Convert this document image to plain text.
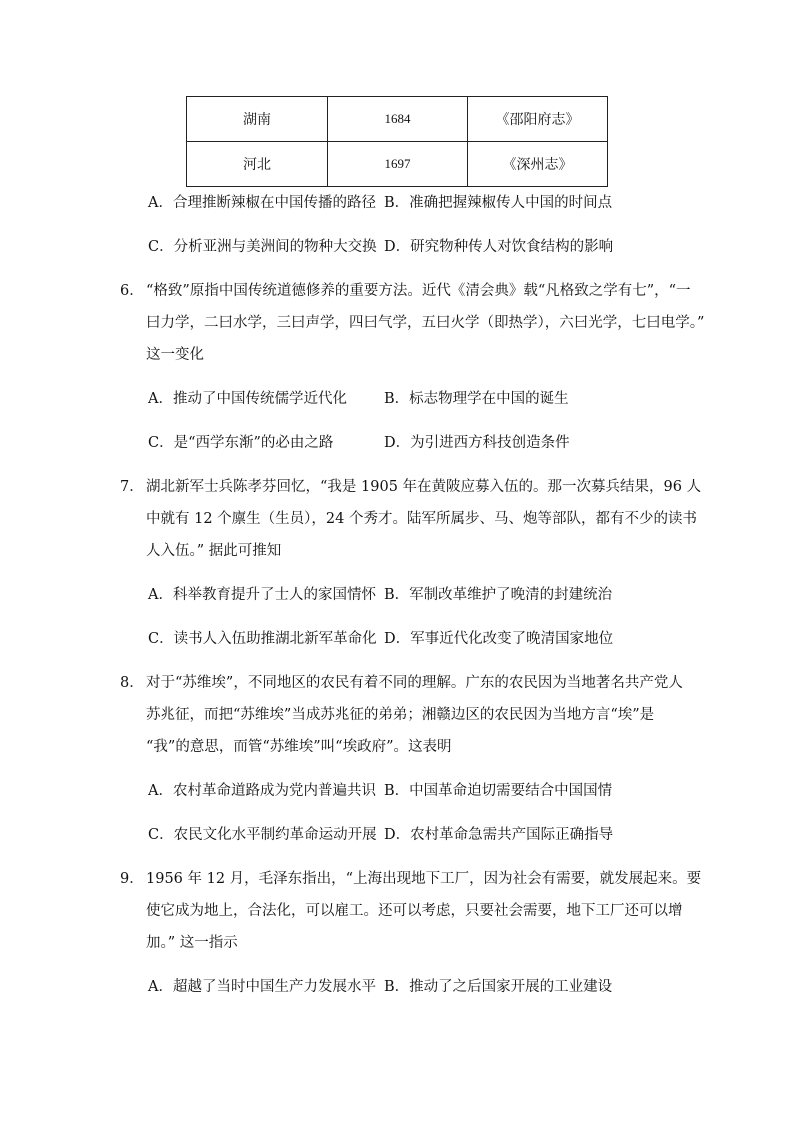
湖南	1684	《邵阳府志》
河北	1697	《深州志》
A．合理推断辣椒在中国传播的路径 B．准确把握辣椒传人中国的时间点
C．分析亚洲与美洲间的物种大交换 D．研究物种传人对饮食结构的影响
6． “格致”原指中国传统道德修养的重要方法。近代《清会典》载“凡格致之学有七”，“一
曰力学，二曰水学，三曰声学，四曰气学，五曰火学（即热学），六曰光学，七曰电学。”
这一变化
A．推动了中国传统儒学近代化	B．标志物理学在中国的诞生
C．是“西学东渐”的必由之路	D．为引进西方科技创造条件
7． 湖北新军士兵陈孝芬回忆，“我是 1905 年在黄陂应募入伍的。那一次募兵结果，96 人
中就有 12 个廪生（生员），24 个秀才。陆军所属步、马、炮等部队，都有不少的读书
人入伍。” 据此可推知
A．科举教育提升了士人的家国情怀 B．军制改革维护了晚清的封建统治
C．读书人入伍助推湖北新军革命化 D．军事近代化改变了晚清国家地位
8． 对于“苏维埃”，不同地区的农民有着不同的理解。广东的农民因为当地著名共产党人
苏兆征，而把“苏维埃”当成苏兆征的弟弟；湘赣边区的农民因为当地方言“埃”是
“我”的意思，而管“苏维埃”叫“埃政府”。这表明
A．农村革命道路成为党内普遍共识 B．中国革命迫切需要结合中国国情
C．农民文化水平制约革命运动开展 D．农村革命急需共产国际正确指导
9． 1956 年 12 月，毛泽东指出，“上海出现地下工厂，因为社会有需要，就发展起来。要
使它成为地上，合法化，可以雇工。还可以考虑，只要社会需要，地下工厂还可以增
加。” 这一指示
A．超越了当时中国生产力发展水平 B．推动了之后国家开展的工业建设
